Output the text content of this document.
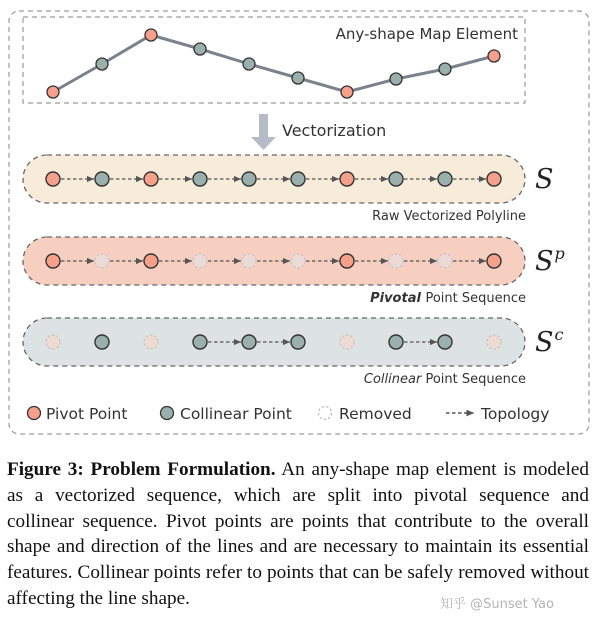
Any-shape Map Element
Vectorization
S
Raw Vectorized Polyline
$S^p$
Pivotal Point Sequence
$S^c$
Collinear Point Sequence
Pivot Point	Collinear Point	Removed	Topology

Figure 3: Problem Formulation. An any-shape map element is modeled as a vectorized sequence, which are split into pivotal sequence and collinear sequence. Pivot points are points that contribute to the overall shape and direction of the lines and are necessary to maintain its essential features. Collinear points refer to points that can be safely removed without affecting the line shape.	知乎 @Sunset Yao
